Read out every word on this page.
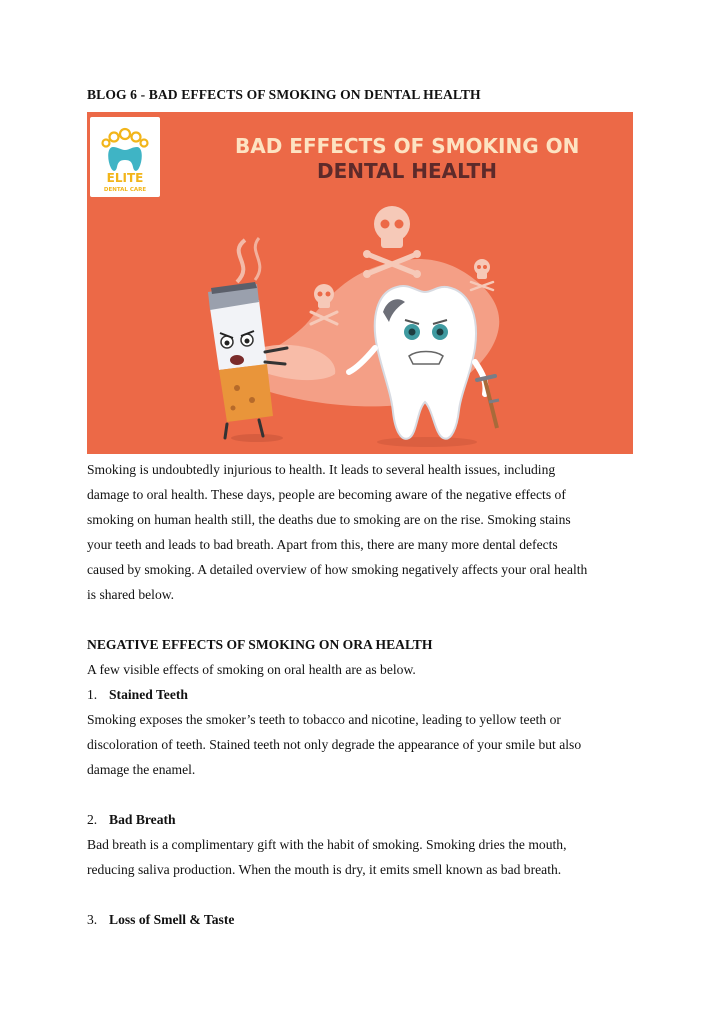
BLOG 6 - BAD EFFECTS OF SMOKING ON DENTAL HEALTH
ELITE
DENTAL CARE
BAD EFFECTS OF SMOKING ON
DENTAL HEALTH
Smoking is undoubtedly injurious to health. It leads to several health issues, including
damage to oral health. These days, people are becoming aware of the negative effects of
smoking on human health still, the deaths due to smoking are on the rise. Smoking stains
your teeth and leads to bad breath. Apart from this, there are many more dental defects
caused by smoking. A detailed overview of how smoking negatively affects your oral health
is shared below.
NEGATIVE EFFECTS OF SMOKING ON ORA HEALTH
A few visible effects of smoking on oral health are as below.
1. Stained Teeth
Smoking exposes the smoker’s teeth to tobacco and nicotine, leading to yellow teeth or
discoloration of teeth. Stained teeth not only degrade the appearance of your smile but also
damage the enamel.
2. Bad Breath
Bad breath is a complimentary gift with the habit of smoking. Smoking dries the mouth,
reducing saliva production. When the mouth is dry, it emits smell known as bad breath.
3. Loss of Smell & Taste
